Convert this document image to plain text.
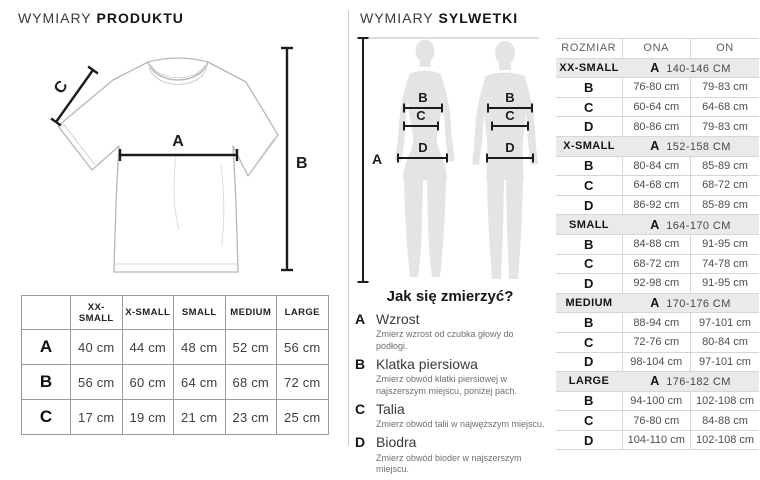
WYMIARY PRODUKTU
A
B
C
	XX-SMALL	X-SMALL	SMALL	MEDIUM	LARGE
A	40 cm	44 cm	48 cm	52 cm	56 cm
B	56 cm	60 cm	64 cm	68 cm	72 cm
C	17 cm	19 cm	21 cm	23 cm	25 cm
WYMIARY SYLWETKI
A
B
C
D
B
C
D
Jak się zmierzyć?
A Wzrost
Zmierz wzrost od czubka głowy do podłogi.
B Klatka piersiowa
Zmierz obwód klatki piersiowej w najszerszym miejscu, poniżej pach.
C Talia
Zmierz obwód talii w najwęższym miejscu.
D Biodra
Zmierz obwód bioder w najszerszym miejscu.
ROZMIAR	ONA	ON
XX-SMALL	A 140-146 CM	
B	76-80 cm	79-83 cm
C	60-64 cm	64-68 cm
D	80-86 cm	79-83 cm
X-SMALL	A 152-158 CM	
B	80-84 cm	85-89 cm
C	64-68 cm	68-72 cm
D	86-92 cm	85-89 cm
SMALL	A 164-170 CM	
B	84-88 cm	91-95 cm
C	68-72 cm	74-78 cm
D	92-98 cm	91-95 cm
MEDIUM	A 170-176 CM	
B	88-94 cm	97-101 cm
C	72-76 cm	80-84 cm
D	98-104 cm	97-101 cm
LARGE	A 176-182 CM	
B	94-100 cm	102-108 cm
C	76-80 cm	84-88 cm
D	104-110 cm	102-108 cm
